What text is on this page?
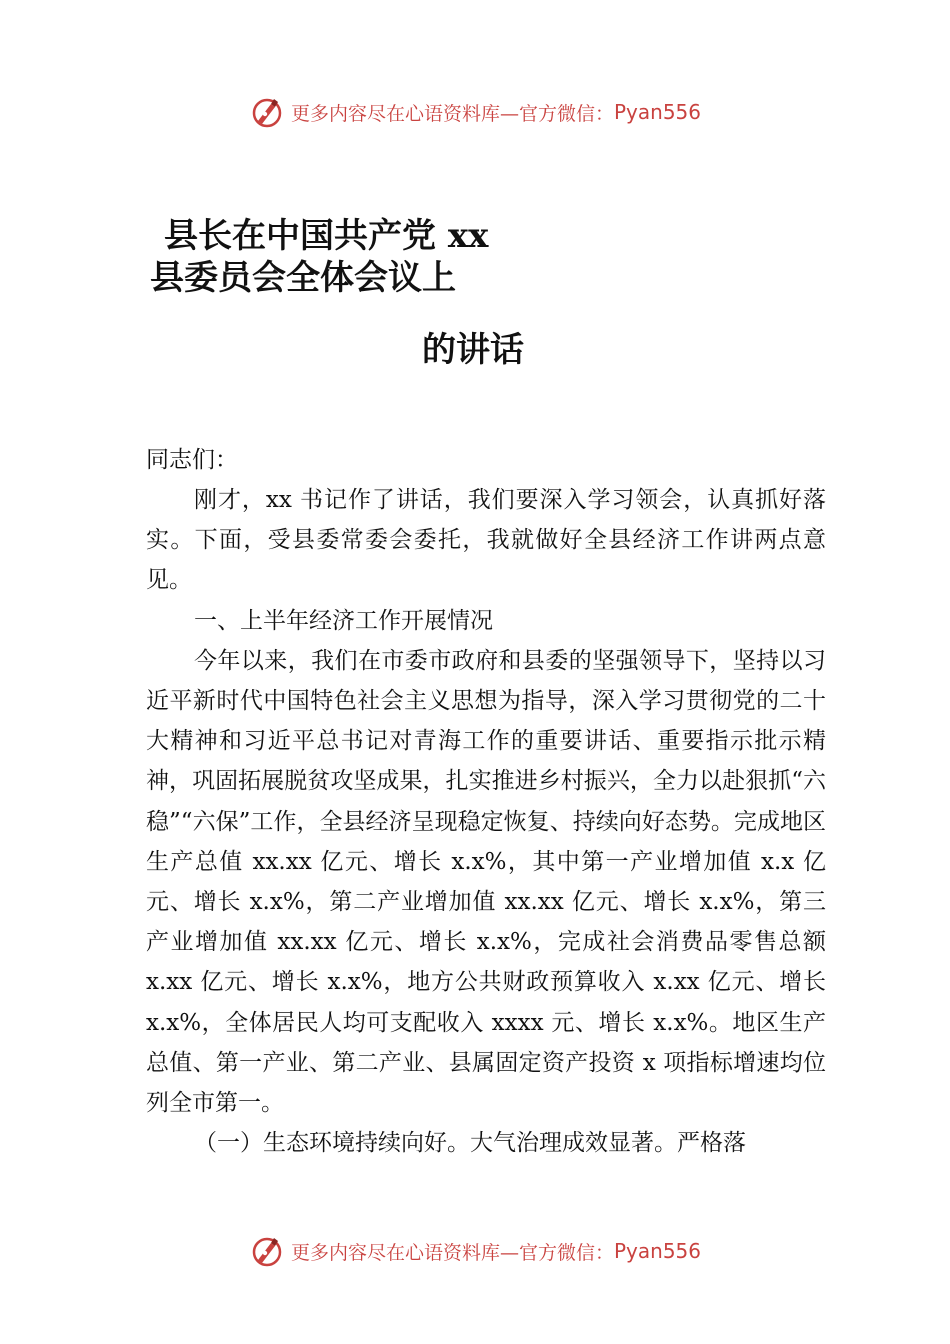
更多内容尽在心语资料库—官方微信： Pyan556
县长在中国共产党 xx
县委员会全体会议上
的讲话
同志们：

刚才，xx 书记作了讲话，我们要深入学习领会，认真抓好落实。下面，受县委常委会委托，我就做好全县经济工作讲两点意见。

一、上半年经济工作开展情况

今年以来，我们在市委市政府和县委的坚强领导下，坚持以习近平新时代中国特色社会主义思想为指导，深入学习贯彻党的二十大精神和习近平总书记对青海工作的重要讲话、重要指示批示精神，巩固拓展脱贫攻坚成果，扎实推进乡村振兴，全力以赴狠抓“六稳”“六保”工作，全县经济呈现稳定恢复、持续向好态势。完成地区生产总值 xx.xx 亿元、增长 x.x%，其中第一产业增加值 x.x 亿元、增长 x.x%，第二产业增加值 xx.xx 亿元、增长 x.x%，第三产业增加值 xx.xx 亿元、增长 x.x%，完成社会消费品零售总额 x.xx 亿元、增长 x.x%，地方公共财政预算收入 x.xx 亿元、增长 x.x%，全体居民人均可支配收入 xxxx 元、增长 x.x%。地区生产总值、第一产业、第二产业、县属固定资产投资 x 项指标增速均位列全市第一。

（一）生态环境持续向好。大气治理成效显著。严格落

更多内容尽在心语资料库—官方微信： Pyan556
